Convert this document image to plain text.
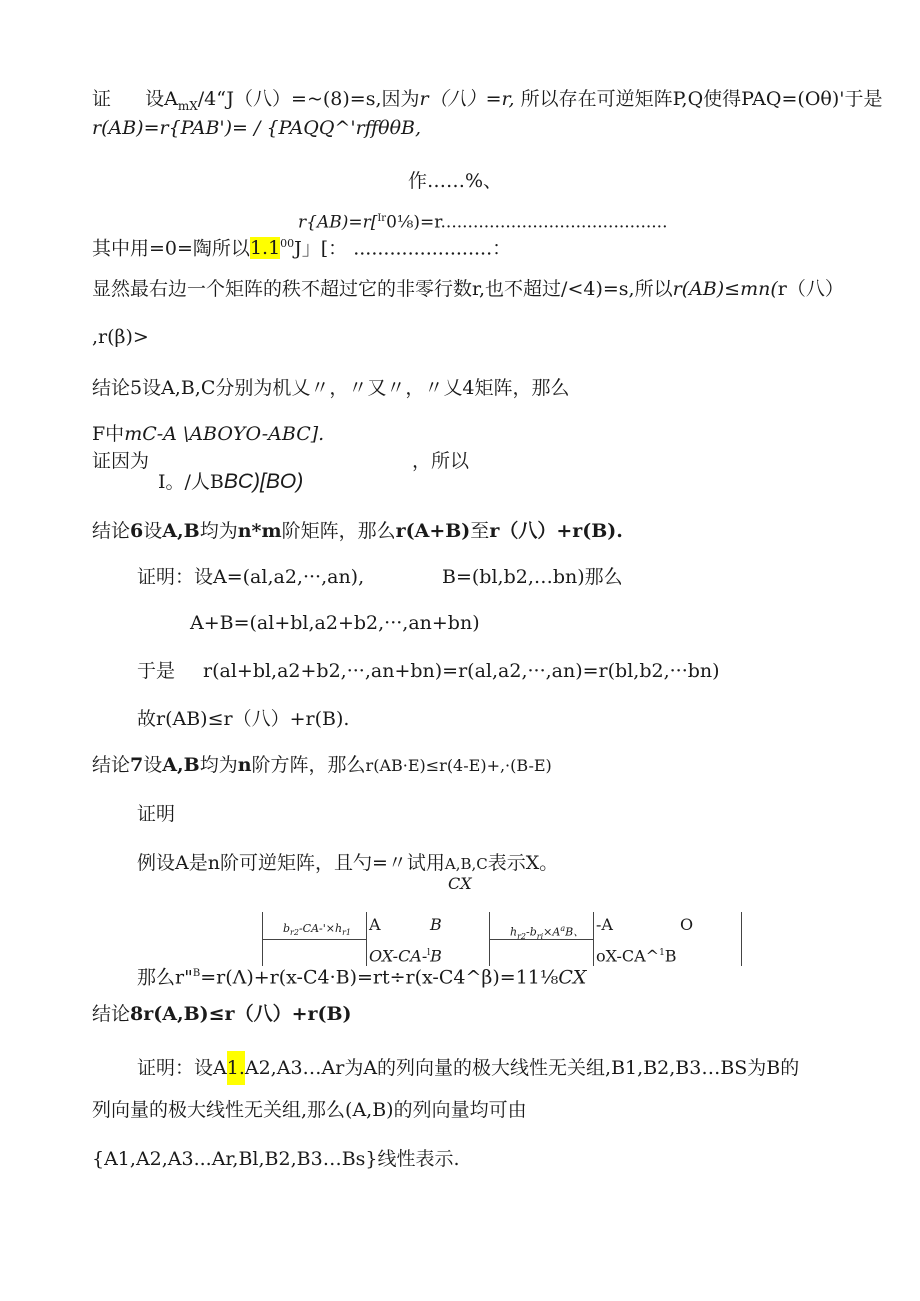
证 设$A_{mX}/4“J$（八）=~(8)=s,因为r（八）=r, 所以存在可逆矩阵P,Q使得PAQ=(Oθ)'于是
r(AB)=r{PAB')= / {PAQQ^'rffθθB,
作……%、
r{AB)=r[$^{Ir}$0⅛)=r..........................................
其中用=0=陶所以$1.1^{00}J$」[： .......................：
显然最右边一个矩阵的秩不超过它的非零行数r,也不超过/<4)=s,所以r(AB)≤mn(r（八）
,r(β)>
结论5设A,B,C分别为机乂〃，〃又〃，〃乂4矩阵，那么
F中mC-A \ABOYO-ABC].
证因为	，所以
I。/人BBC)[BO)
结论6设A,B均为n*m阶矩阵，那么r(A+B)至r（八）+r(B).
证明：设A=(al,a2,···,an),	B=(bl,b2,…bn)那么
A+B=(al+bl,a2+b2,···,an+bn)
于是 r(al+bl,a2+b2,···,an+bn)=r(al,a2,···,an)=r(bl,b2,···bn)
故r(AB)≤r（八）+r(B).
结论7设A,B均为n阶方阵，那么r(AB·E)≤r(4-E)+,·(B-E)
证明
例设A是n阶可逆矩阵，且勺=〃试用A,B,C表示X。
CX
$b_{r2}-CA-'\times h_{r1}$ A	B
OX-CA-$^l$B
$h_{r2}-b_{ri}\times A^aB$、 -A	O
oX-CA^$^1$B
那么r"$^B$=r(Λ)+r(x-C4·B)=rt÷r(x-C4^β)=11⅛CX
结论8r(A,B)≤r（八）+r(B)
证明：设A1.A2,A3…Ar为A的列向量的极大线性无关组,B1,B2,B3…BS为B的
列向量的极大线性无关组,那么(A,B)的列向量均可由
{A1,A2,A3...Ar,Bl,B2,B3…Bs}线性表示.
